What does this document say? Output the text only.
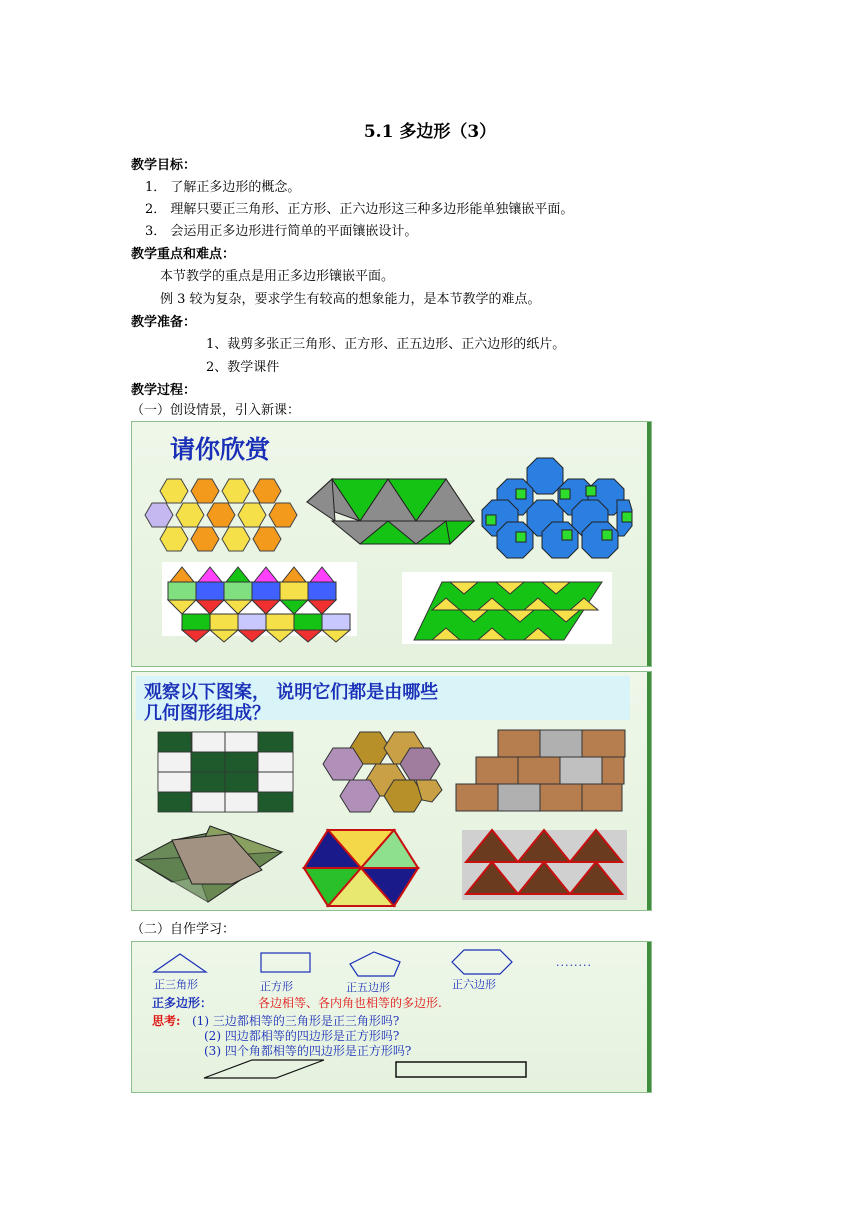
5.1 多边形（3）
教学目标：
1． 了解正多边形的概念。
2． 理解只要正三角形、正方形、正六边形这三种多边形能单独镶嵌平面。
3． 会运用正多边形进行简单的平面镶嵌设计。
教学重点和难点：
本节教学的重点是用正多边形镶嵌平面。
例 3 较为复杂，要求学生有较高的想象能力，是本节教学的难点。
教学准备：
1、裁剪多张正三角形、正方形、正五边形、正六边形的纸片。
2、教学课件
教学过程：
（一）创设情景，引入新课：
请你欣赏
观察以下图案， 说明它们都是由哪些
几何图形组成？
（二）自作学习：
正三角形	正方形	正五边形	正六边形
........
正多边形：	各边相等、各内角也相等的多边形.
思考: (1) 三边都相等的三角形是正三角形吗?
(2) 四边都相等的四边形是正方形吗?
(3) 四个角都相等的四边形是正方形吗?
